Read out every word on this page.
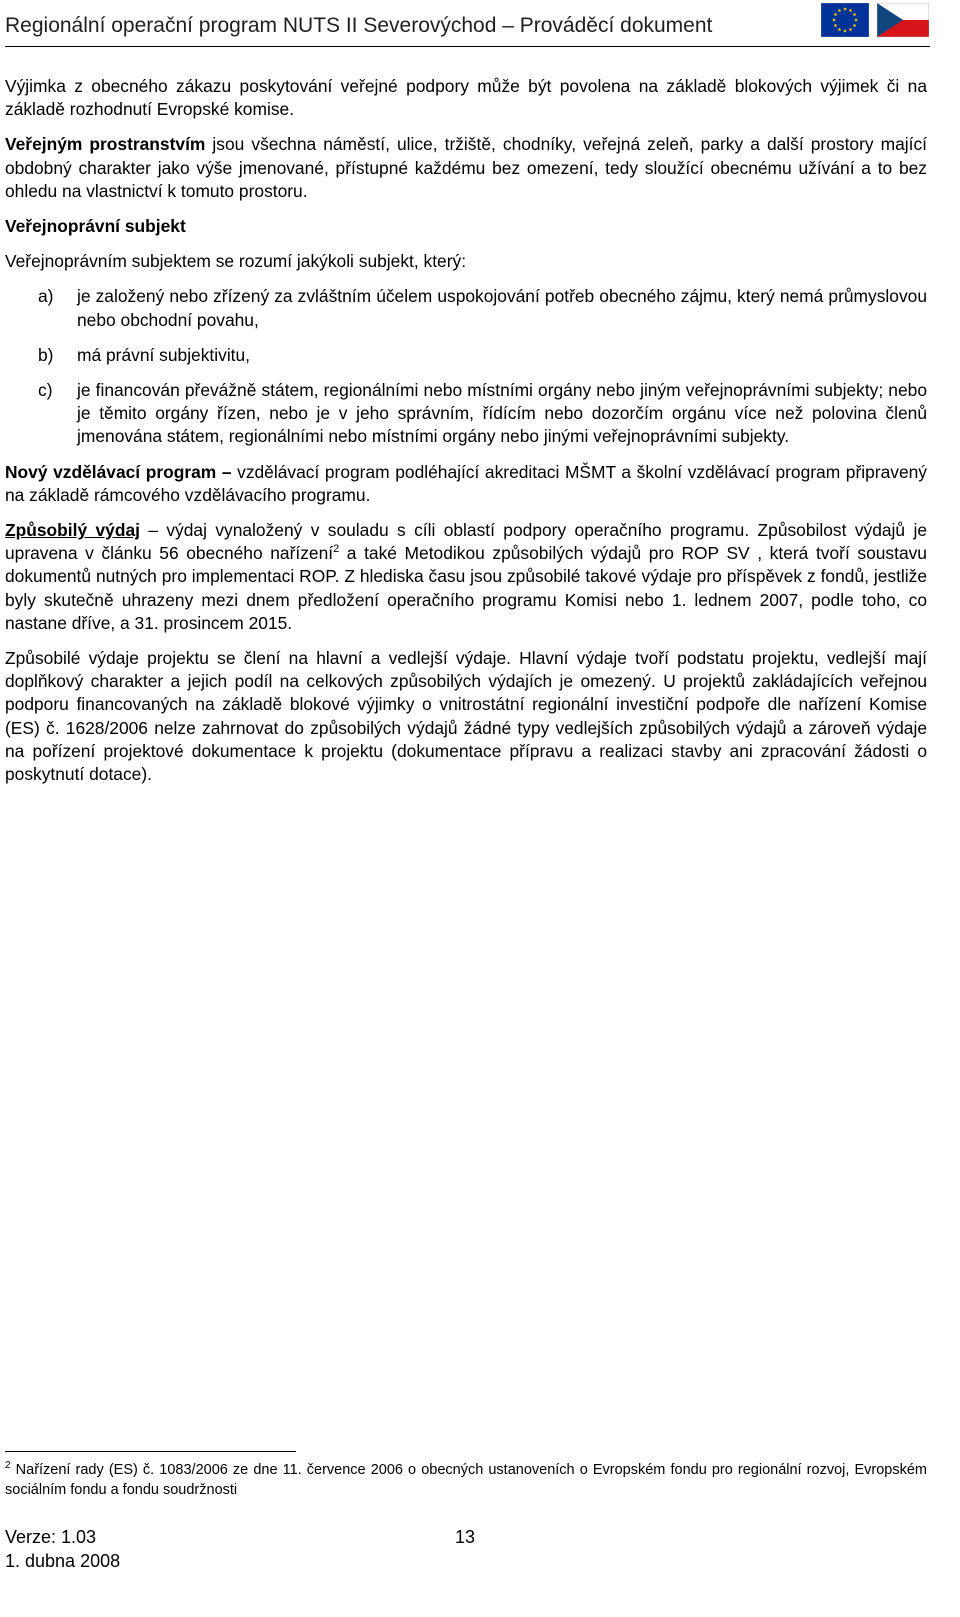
Regionální operační program NUTS II Severovýchod – Prováděcí dokument

Výjimka z obecného zákazu poskytování veřejné podpory může být povolena na základě blokových výjimek či na základě rozhodnutí Evropské komise.

Veřejným prostranstvím jsou všechna náměstí, ulice, tržiště, chodníky, veřejná zeleň, parky a další prostory mající obdobný charakter jako výše jmenované, přístupné každému bez omezení, tedy sloužící obecnému užívání a to bez ohledu na vlastnictví k tomuto prostoru.

Veřejnoprávní subjekt

Veřejnoprávním subjektem se rozumí jakýkoli subjekt, který:

a)	je založený nebo zřízený za zvláštním účelem uspokojování potřeb obecného zájmu, který nemá průmyslovou nebo obchodní povahu,
b)	má právní subjektivitu,
c)	je financován převážně státem, regionálními nebo místními orgány nebo jiným veřejnoprávními subjekty; nebo je těmito orgány řízen, nebo je v jeho správním, řídícím nebo dozorčím orgánu více než polovina členů jmenována státem, regionálními nebo místními orgány nebo jinými veřejnoprávními subjekty.

Nový vzdělávací program – vzdělávací program podléhající akreditaci MŠMT a školní vzdělávací program připravený na základě rámcového vzdělávacího programu.

Způsobilý výdaj – výdaj vynaložený v souladu s cíli oblastí podpory operačního programu. Způsobilost výdajů je upravena v článku 56 obecného nařízení$^2$ a také Metodikou způsobilých výdajů pro ROP SV , která tvoří soustavu dokumentů nutných pro implementaci ROP. Z hlediska času jsou způsobilé takové výdaje pro příspěvek z fondů, jestliže byly skutečně uhrazeny mezi dnem předložení operačního programu Komisi nebo 1. lednem 2007, podle toho, co nastane dříve, a 31. prosincem 2015.

Způsobilé výdaje projektu se člení na hlavní a vedlejší výdaje. Hlavní výdaje tvoří podstatu projektu, vedlejší mají doplňkový charakter a jejich podíl na celkových způsobilých výdajích je omezený. U projektů zakládajících veřejnou podporu financovaných na základě blokové výjimky o vnitrostátní regionální investiční podpoře dle nařízení Komise (ES) č. 1628/2006 nelze zahrnovat do způsobilých výdajů žádné typy vedlejších způsobilých výdajů a zároveň výdaje na pořízení projektové dokumentace k projektu (dokumentace přípravu a realizaci stavby ani zpracování žádosti o poskytnutí dotace).

$^2$ Nařízení rady (ES) č. 1083/2006 ze dne 11. července 2006 o obecných ustanoveních o Evropském fondu pro regionální rozvoj, Evropském sociálním fondu a fondu soudržnosti
Verze: 1.03
1. dubna 2008
13
